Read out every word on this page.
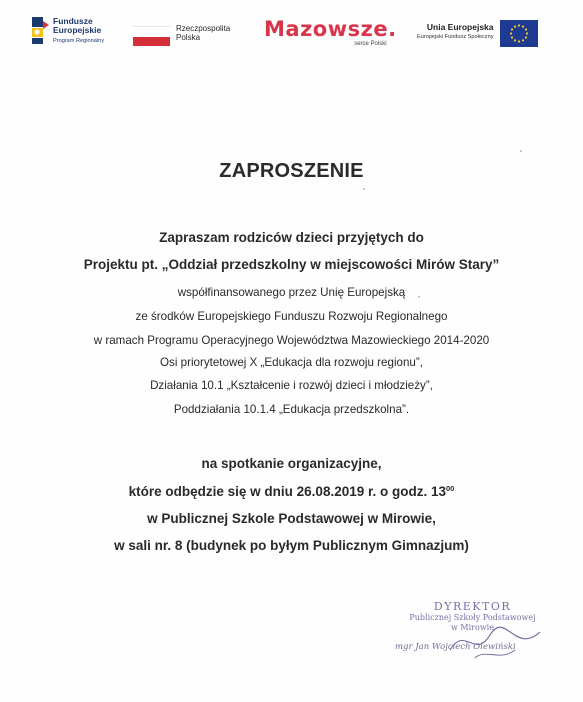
Fundusze
Europejskie
Program Regionalny
Rzeczpospolita
Polska	Mazowsze.
serce Polski
Unia Europejska
Europejski Fundusz Społeczny
ZAPROSZENIE
Zapraszam rodziców dzieci przyjętych do
Projektu pt. „Oddział przedszkolny w miejscowości Mirów Stary”
współfinansowanego przez Unię Europejską
ze środków Europejskiego Funduszu Rozwoju Regionalnego
w ramach Programu Operacyjnego Województwa Mazowieckiego 2014-2020
Osi priorytetowej X „Edukacja dla rozwoju regionu”,
Działania 10.1 „Kształcenie i rozwój dzieci i młodzieży”,
Poddziałania 10.1.4 „Edukacja przedszkolna”.
na spotkanie organizacyjne,
które odbędzie się w dniu 26.08.2019 r. o godz. $13^{00}$
w Publicznej Szkole Podstawowej w Mirowie,
w sali nr. 8 (budynek po byłym Publicznym Gimnazjum)
DYREKTOR
Publicznej Szkoły Podstawowej
w Mirowie
mgr Jan Wojciech Olewiński
